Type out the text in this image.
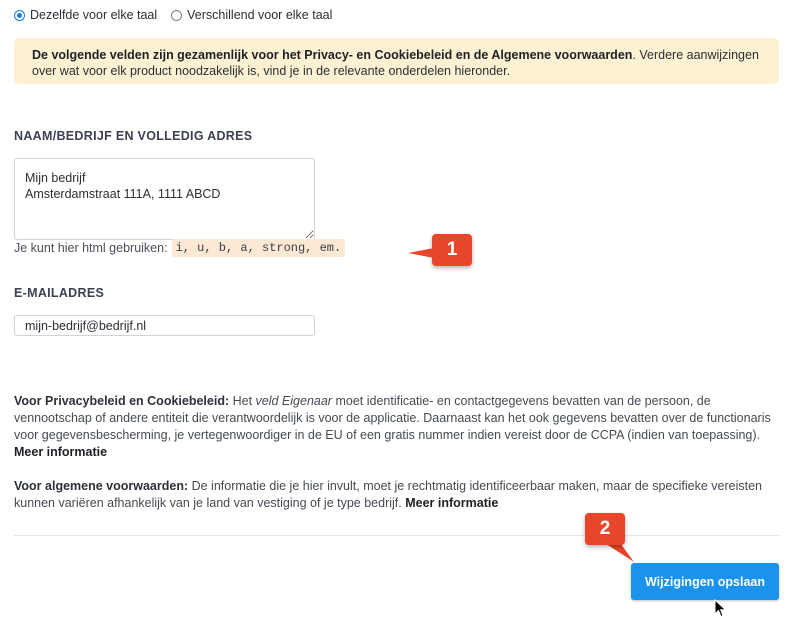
Dezelfde voor elke taal Verschillend voor elke taal
De volgende velden zijn gezamenlijk voor het Privacy- en Cookiebeleid en de Algemene voorwaarden. Verdere aanwijzingen over wat voor elk product noodzakelijk is, vind je in de relevante onderdelen hieronder.
NAAM/BEDRIJF EN VOLLEDIG ADRES
Mijn bedrijf Amsterdamstraat 111A, 1111 ABCD
Je kunt hier html gebruiken: i, u, b, a, strong, em.	1
E-MAILADRES
mijn-bedrijf@bedrijf.nl
Voor Privacybeleid en Cookiebeleid: Het veld Eigenaar moet identificatie- en contactgegevens bevatten van de persoon, de vennootschap of andere entiteit die verantwoordelijk is voor de applicatie. Daarnaast kan het ook gegevens bevatten over de functionaris voor gegevensbescherming, je vertegenwoordiger in de EU of een gratis nummer indien vereist door de CCPA (indien van toepassing). Meer informatie
Voor algemene voorwaarden: De informatie die je hier invult, moet je rechtmatig identificeerbaar maken, maar de specifieke vereisten kunnen variëren afhankelijk van je land van vestiging of je type bedrijf. Meer informatie
2
Wijzigingen opslaan
